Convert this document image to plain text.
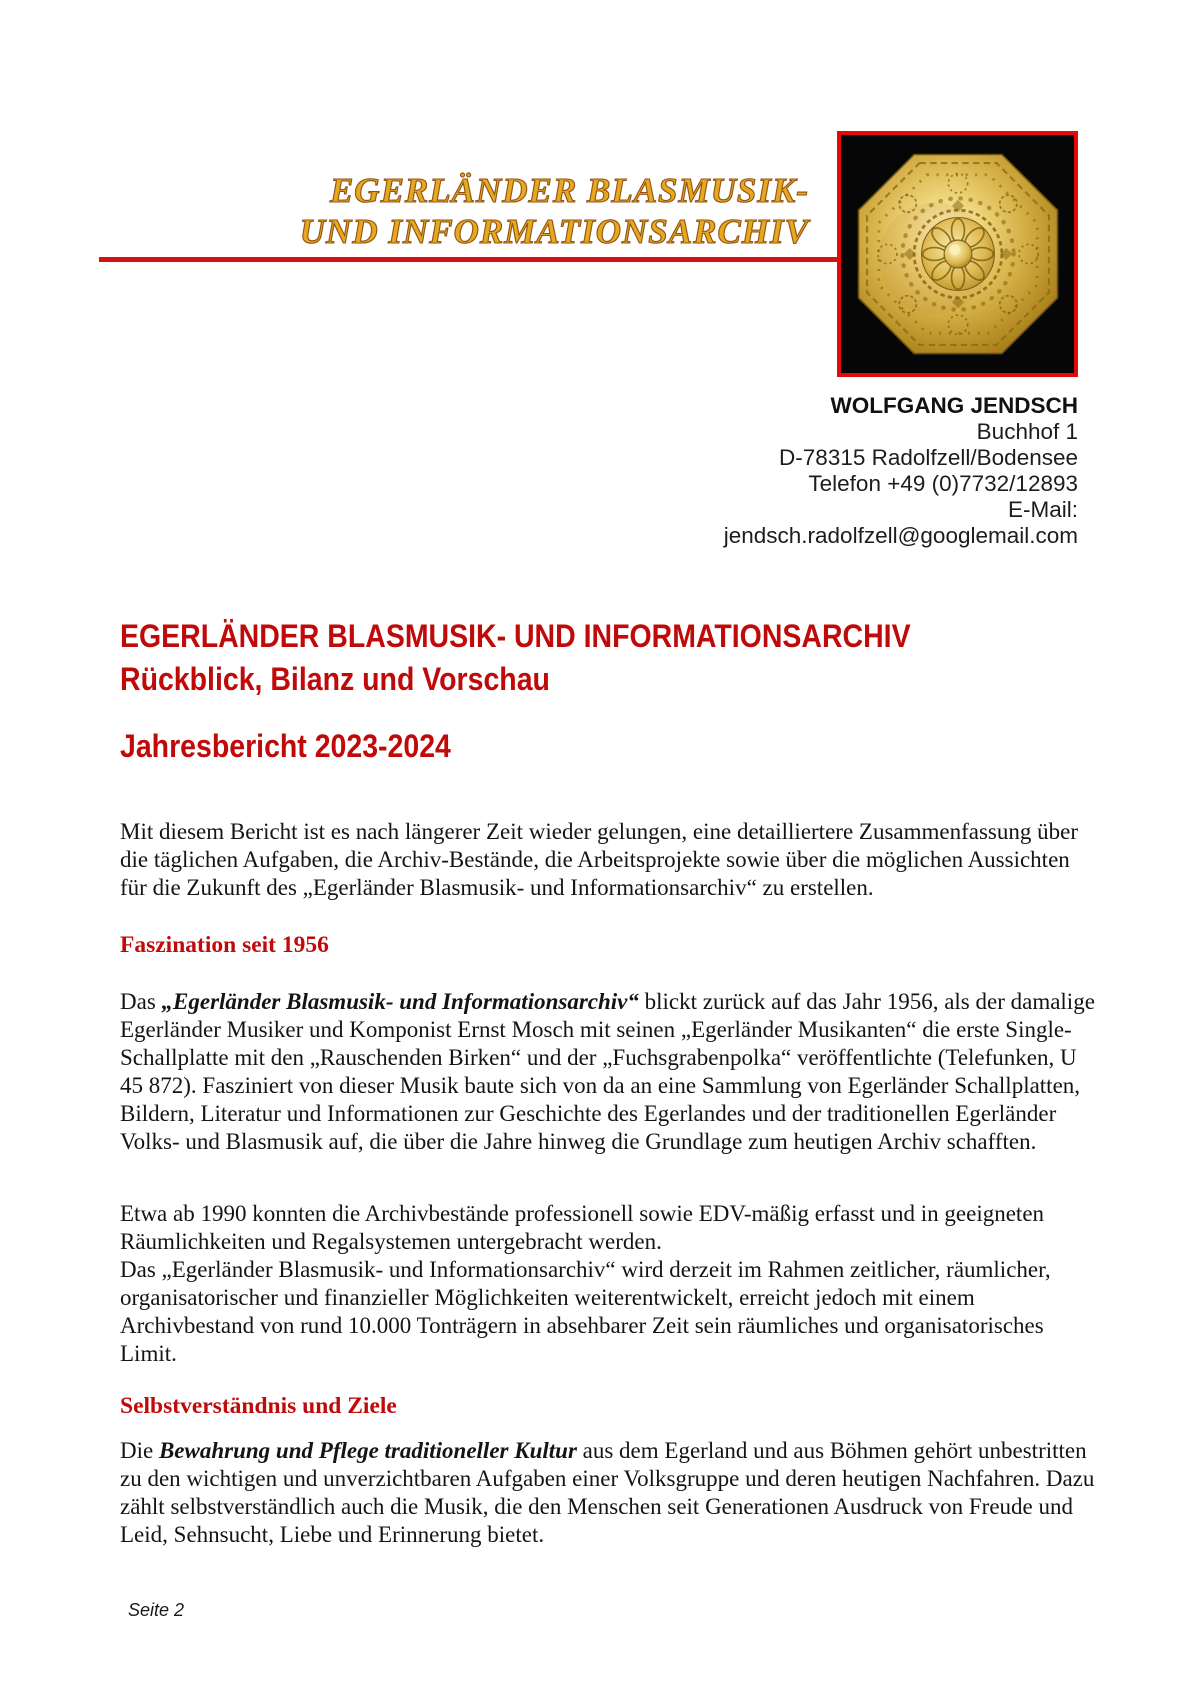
EGERLÄNDER BLASMUSIK-
UND INFORMATIONSARCHIV
WOLFGANG JENDSCH
Buchhof 1
D-78315 Radolfzell/Bodensee
Telefon +49 (0)7732/12893
E-Mail:
jendsch.radolfzell@googlemail.com
EGERLÄNDER BLASMUSIK- UND INFORMATIONSARCHIV
Rückblick, Bilanz und Vorschau
Jahresbericht 2023-2024

Mit diesem Bericht ist es nach längerer Zeit wieder gelungen, eine detailliertere Zusammenfassung über die täglichen Aufgaben, die Archiv-Bestände, die Arbeitsprojekte sowie über die möglichen Aussichten für die Zukunft des „Egerländer Blasmusik- und Informationsarchiv“ zu erstellen.

Faszination seit 1956

Das „Egerländer Blasmusik- und Informationsarchiv“ blickt zurück auf das Jahr 1956, als der damalige Egerländer Musiker und Komponist Ernst Mosch mit seinen „Egerländer Musikanten“ die erste Single-Schallplatte mit den „Rauschenden Birken“ und der „Fuchsgrabenpolka“ veröffentlichte (Telefunken, U 45 872). Fasziniert von dieser Musik baute sich von da an eine Sammlung von Egerländer Schallplatten, Bildern, Literatur und Informationen zur Geschichte des Egerlandes und der traditionellen Egerländer Volks- und Blasmusik auf, die über die Jahre hinweg die Grundlage zum heutigen Archiv schafften.

Etwa ab 1990 konnten die Archivbestände professionell sowie EDV-mäßig erfasst und in geeigneten Räumlichkeiten und Regalsystemen untergebracht werden.
Das „Egerländer Blasmusik- und Informationsarchiv“ wird derzeit im Rahmen zeitlicher, räumlicher, organisatorischer und finanzieller Möglichkeiten weiterentwickelt, erreicht jedoch mit einem Archivbestand von rund 10.000 Tonträgern in absehbarer Zeit sein räumliches und organisatorisches Limit.

Selbstverständnis und Ziele

Die Bewahrung und Pflege traditioneller Kultur aus dem Egerland und aus Böhmen gehört unbestritten zu den wichtigen und unverzichtbaren Aufgaben einer Volksgruppe und deren heutigen Nachfahren. Dazu zählt selbstverständlich auch die Musik, die den Menschen seit Generationen Ausdruck von Freude und Leid, Sehnsucht, Liebe und Erinnerung bietet.

Seite 2
